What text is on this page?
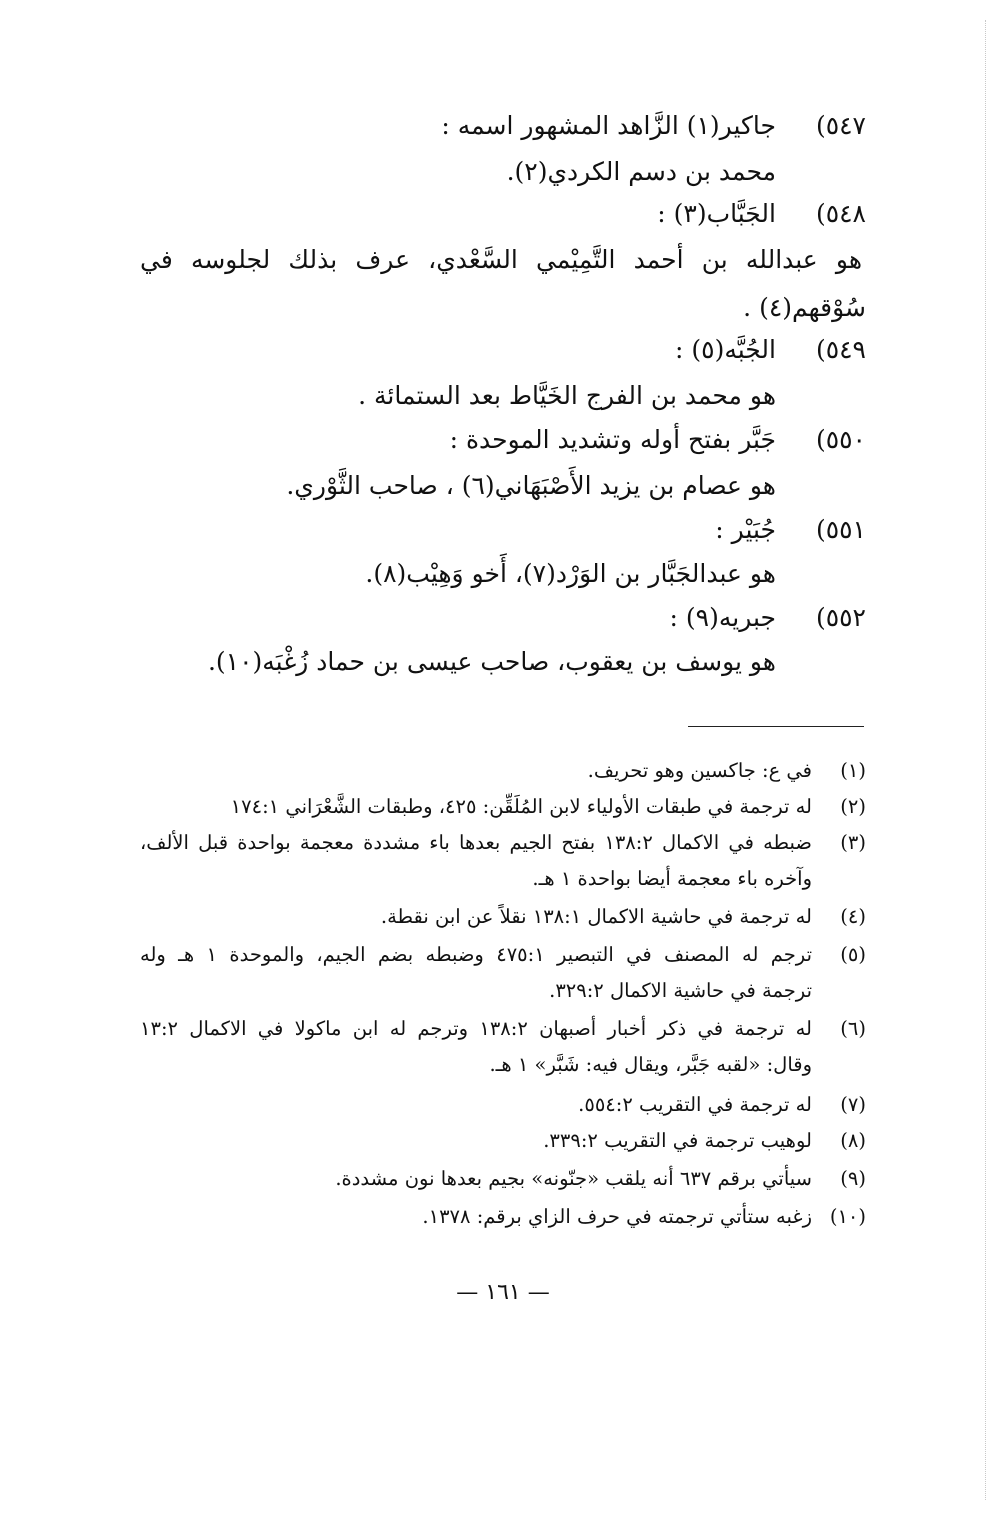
٥٤٧)جاكير(١) الزَّاهد المشهور اسمه :
محمد بن دسم الكردي(٢).
٥٤٨)الجَبَّاب(٣) :
هو عبدالله بن أحمد التَّمِيْمي السَّعْدي، عرف بذلك لجلوسه في
سُوْقهم(٤) .
٥٤٩)الجُبَّه(٥) :
هو محمد بن الفرج الخَيَّاط بعد الستمائة .
٥٥٠)جَبَّر بفتح أوله وتشديد الموحدة :
هو عصام بن يزيد الأَصْبَهَاني(٦) ، صاحب الثَّوْري.
٥٥١)جُبَيْر :
هو عبدالجَبَّار بن الوَرْد(٧)، أَخو وَهِيْب(٨).
٥٥٢)جبريه(٩) :
هو يوسف بن يعقوب، صاحب عيسى بن حماد زُغْبَه(١٠).
(١)في ع: جاكسين وهو تحريف.
(٢)له ترجمة في طبقات الأولياء لابن المُلَقِّن: ٤٢٥، وطبقات الشَّعْرَاني ١٧٤:١
(٣)ضبطه في الاكمال ١٣٨:٢ بفتح الجيم بعدها باء مشددة معجمة بواحدة قبل الألف،
وآخره باء معجمة أيضا بواحدة ١ هـ.
(٤)له ترجمة في حاشية الاكمال ١٣٨:١ نقلاً عن ابن نقطة.
(٥)ترجم له المصنف في التبصير ٤٧٥:١ وضبطه بضم الجيم، والموحدة ١ هـ وله
ترجمة في حاشية الاكمال ٣٢٩:٢.
(٦)له ترجمة في ذكر أخبار أصبهان ١٣٨:٢ وترجم له ابن ماكولا في الاكمال ١٣:٢
وقال: «لقبه جَبَّر، ويقال فيه: شَبَّر» ١ هـ.
(٧)له ترجمة في التقريب ٥٥٤:٢.
(٨)لوهيب ترجمة في التقريب ٣٣٩:٢.
(٩)سيأتي برقم ٦٣٧ أنه يلقب «جنّونه» بجيم بعدها نون مشددة.
(١٠)زغبه ستأتي ترجمته في حرف الزاي برقم: ١٣٧٨.
— ١٦١ —
